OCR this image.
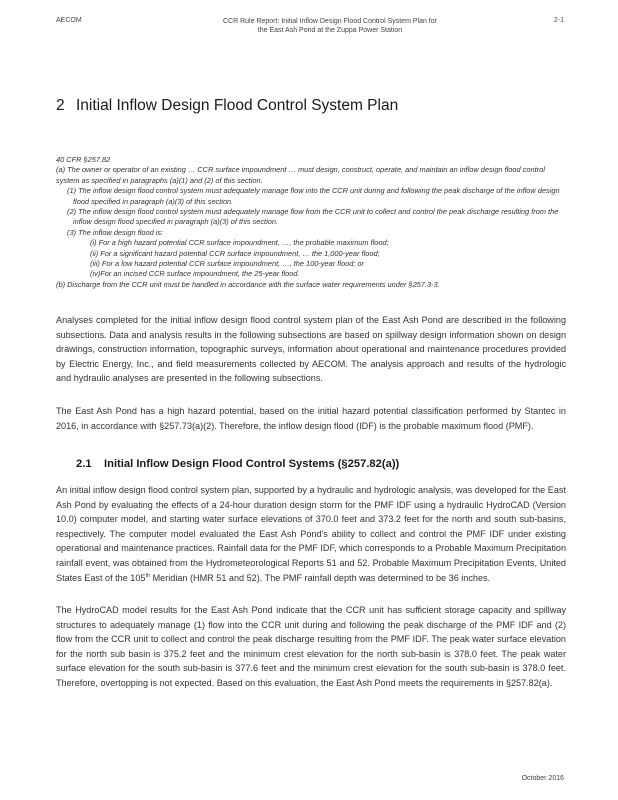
AECOM	CCR Rule Report: Initial Inflow Design Flood Control System Plan for
the East Ash Pond at the Zuppa Power Station
2-1
2 Initial Inflow Design Flood Control System Plan

40 CFR §257.82

(a) The owner or operator of an existing … CCR surface impoundment … must design, construct, operate, and maintain an inflow design flood control system as specified in paragraphs (a)(1) and (2) of this section.

(1) The inflow design flood control system must adequately manage flow into the CCR unit during and following the peak discharge of the inflow design flood specified in paragraph (a)(3) of this section.

(2) The inflow design flood control system must adequately manage flow from the CCR unit to collect and control the peak discharge resulting from the inflow design flood specified in paragraph (a)(3) of this section.

(3) The inflow design flood is:

(i) For a high hazard potential CCR surface impoundment, …, the probable maximum flood;

(ii) For a significant hazard potential CCR surface impoundment, … the 1,000-year flood;

(iii) For a low hazard potential CCR surface impoundment, …, the 100-year flood; or

(iv)For an incised CCR surface impoundment, the 25-year flood.

(b) Discharge from the CCR unit must be handled in accordance with the surface water requirements under §257.3-3.

Analyses completed for the initial inflow design flood control system plan of the East Ash Pond are described in the following subsections. Data and analysis results in the following subsections are based on spillway design information shown on design drawings, construction information, topographic surveys, information about operational and maintenance procedures provided by Electric Energy, Inc., and field measurements collected by AECOM. The analysis approach and results of the hydrologic and hydraulic analyses are presented in the following subsections.

The East Ash Pond has a high hazard potential, based on the initial hazard potential classification performed by Stantec in 2016, in accordance with §257.73(a)(2). Therefore, the inflow design flood (IDF) is the probable maximum flood (PMF).

2.1 Initial Inflow Design Flood Control Systems (§257.82(a))

An initial inflow design flood control system plan, supported by a hydraulic and hydrologic analysis, was developed for the East Ash Pond by evaluating the effects of a 24-hour duration design storm for the PMF IDF using a hydraulic HydroCAD (Version 10.0) computer model, and starting water surface elevations of 370.0 feet and 373.2 feet for the north and south sub-basins, respectively. The computer model evaluated the East Ash Pond's ability to collect and control the PMF IDF under existing operational and maintenance practices. Rainfall data for the PMF IDF, which corresponds to a Probable Maximum Precipitation rainfall event, was obtained from the Hydrometeorological Reports 51 and 52. Probable Maximum Precipitation Events, United States East of the 105th Meridian (HMR 51 and 52). The PMF rainfall depth was determined to be 36 inches.

The HydroCAD model results for the East Ash Pond indicate that the CCR unit has sufficient storage capacity and spillway structures to adequately manage (1) flow into the CCR unit during and following the peak discharge of the PMF IDF and (2) flow from the CCR unit to collect and control the peak discharge resulting from the PMF IDF. The peak water surface elevation for the north sub basin is 375.2 feet and the minimum crest elevation for the north sub-basin is 378.0 feet. The peak water surface elevation for the south sub-basin is 377.6 feet and the minimum crest elevation for the south sub-basin is 378.0 feet. Therefore, overtopping is not expected. Based on this evaluation, the East Ash Pond meets the requirements in §257.82(a).

October 2016
